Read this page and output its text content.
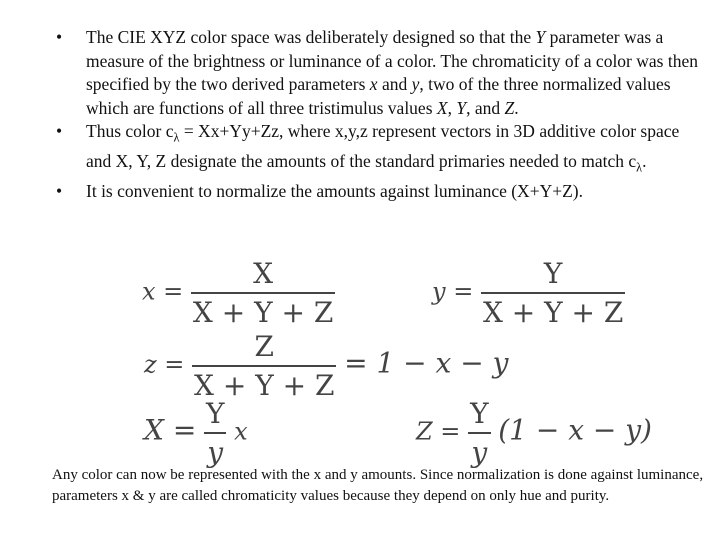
• The CIE XYZ color space was deliberately designed so that the Y parameter was a measure of the brightness or luminance of a color. The chromaticity of a color was then specified by the two derived parameters x and y, two of the three normalized values which are functions of all three tristimulus values X, Y, and Z.
• Thus color $c_\lambda = Xx+Yy+Zz$, where x,y,z represent vectors in 3D additive color space and X, Y, Z designate the amounts of the standard primaries needed to match $c_\lambda$.
• It is convenient to normalize the amounts against luminance (X+Y+Z).
$x = \frac{X}{X + Y + Z}$	$y = \frac{Y}{X + Y + Z}$
$z = \frac{Z}{X + Y + Z} = 1 - x - y$
$X = \frac{Y}{y}$ x	$Z = \frac{Y}{y} (1 - x - y)$

Any color can now be represented with the x and y amounts. Since normalization is done against luminance, parameters x & y are called chromaticity values because they depend on only hue and purity.
